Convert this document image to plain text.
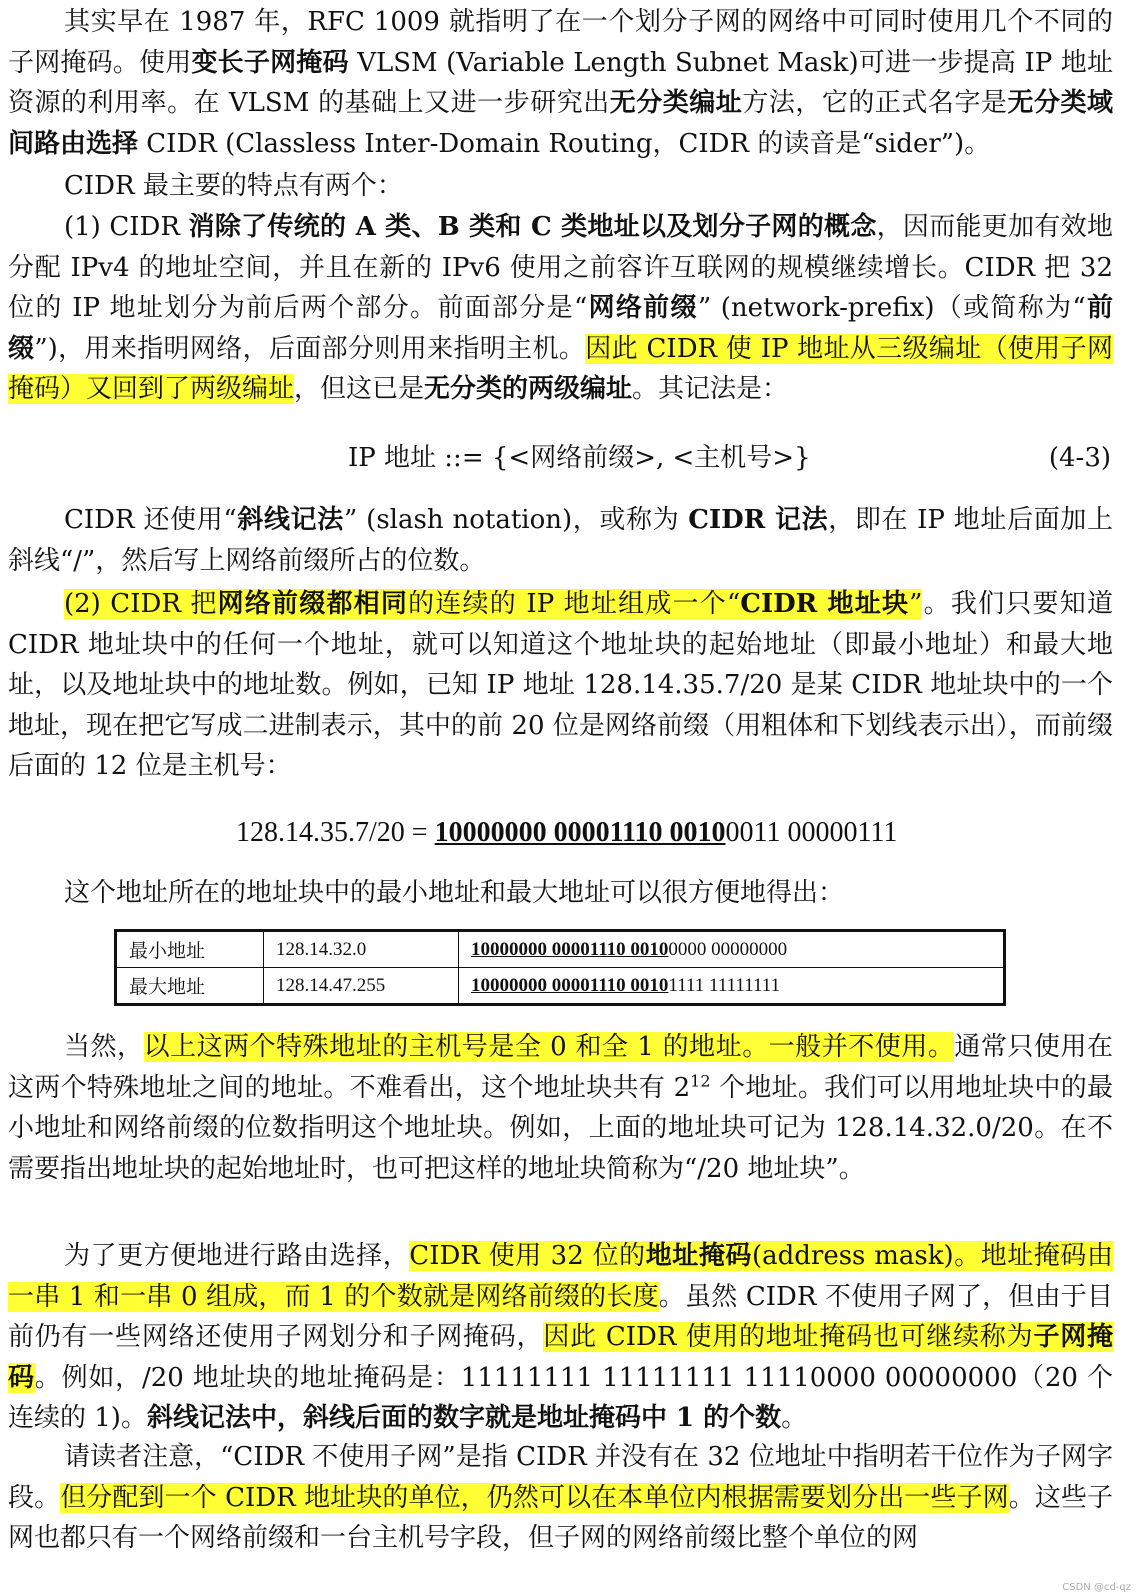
其实早在 1987 年，RFC 1009 就指明了在一个划分子网的网络中可同时使用几个不同的子网掩码。使用变长子网掩码 VLSM (Variable Length Subnet Mask)可进一步提高 IP 地址资源的利用率。在 VLSM 的基础上又进一步研究出无分类编址方法，它的正式名字是无分类域间路由选择 CIDR (Classless Inter-Domain Routing，CIDR 的读音是“sider”)。

CIDR 最主要的特点有两个：

(1) CIDR 消除了传统的 A 类、B 类和 C 类地址以及划分子网的概念，因而能更加有效地分配 IPv4 的地址空间，并且在新的 IPv6 使用之前容许互联网的规模继续增长。CIDR 把 32 位的 IP 地址划分为前后两个部分。前面部分是“网络前缀” (network-prefix)（或简称为“前缀”)，用来指明网络，后面部分则用来指明主机。因此 CIDR 使 IP 地址从三级编址（使用子网掩码）又回到了两级编址，但这已是无分类的两级编址。其记法是：

IP 地址 ::= {<网络前缀>, <主机号>}	(4-3)

CIDR 还使用“斜线记法” (slash notation)，或称为 CIDR 记法，即在 IP 地址后面加上斜线“/”，然后写上网络前缀所占的位数。

(2) CIDR 把网络前缀都相同的连续的 IP 地址组成一个“CIDR 地址块”。我们只要知道 CIDR 地址块中的任何一个地址，就可以知道这个地址块的起始地址（即最小地址）和最大地址，以及地址块中的地址数。例如，已知 IP 地址 128.14.35.7/20 是某 CIDR 地址块中的一个地址，现在把它写成二进制表示，其中的前 20 位是网络前缀（用粗体和下划线表示出），而前缀后面的 12 位是主机号：

128.14.35.7/20 = 10000000 00001110 00100011 00000111

这个地址所在的地址块中的最小地址和最大地址可以很方便地得出：

最小地址	128.14.32.0	10000000 00001110 00100000 00000000
最大地址	128.14.47.255	10000000 00001110 00101111 11111111

当然，以上这两个特殊地址的主机号是全 0 和全 1 的地址。一般并不使用。通常只使用在这两个特殊地址之间的地址。不难看出，这个地址块共有 $2^{12}$ 个地址。我们可以用地址块中的最小地址和网络前缀的位数指明这个地址块。例如，上面的地址块可记为 128.14.32.0/20。在不需要指出地址块的起始地址时，也可把这样的地址块简称为“/20 地址块”。

为了更方便地进行路由选择，CIDR 使用 32 位的地址掩码(address mask)。地址掩码由一串 1 和一串 0 组成，而 1 的个数就是网络前缀的长度。虽然 CIDR 不使用子网了，但由于目前仍有一些网络还使用子网划分和子网掩码，因此 CIDR 使用的地址掩码也可继续称为子网掩码。例如，/20 地址块的地址掩码是：11111111 11111111 11110000 00000000（20 个连续的 1)。斜线记法中，斜线后面的数字就是地址掩码中 1 的个数。

请读者注意，“CIDR 不使用子网”是指 CIDR 并没有在 32 位地址中指明若干位作为子网字段。但分配到一个 CIDR 地址块的单位，仍然可以在本单位内根据需要划分出一些子网。这些子网也都只有一个网络前缀和一台主机号字段，但子网的网络前缀比整个单位的网

CSDN @cd-qz
